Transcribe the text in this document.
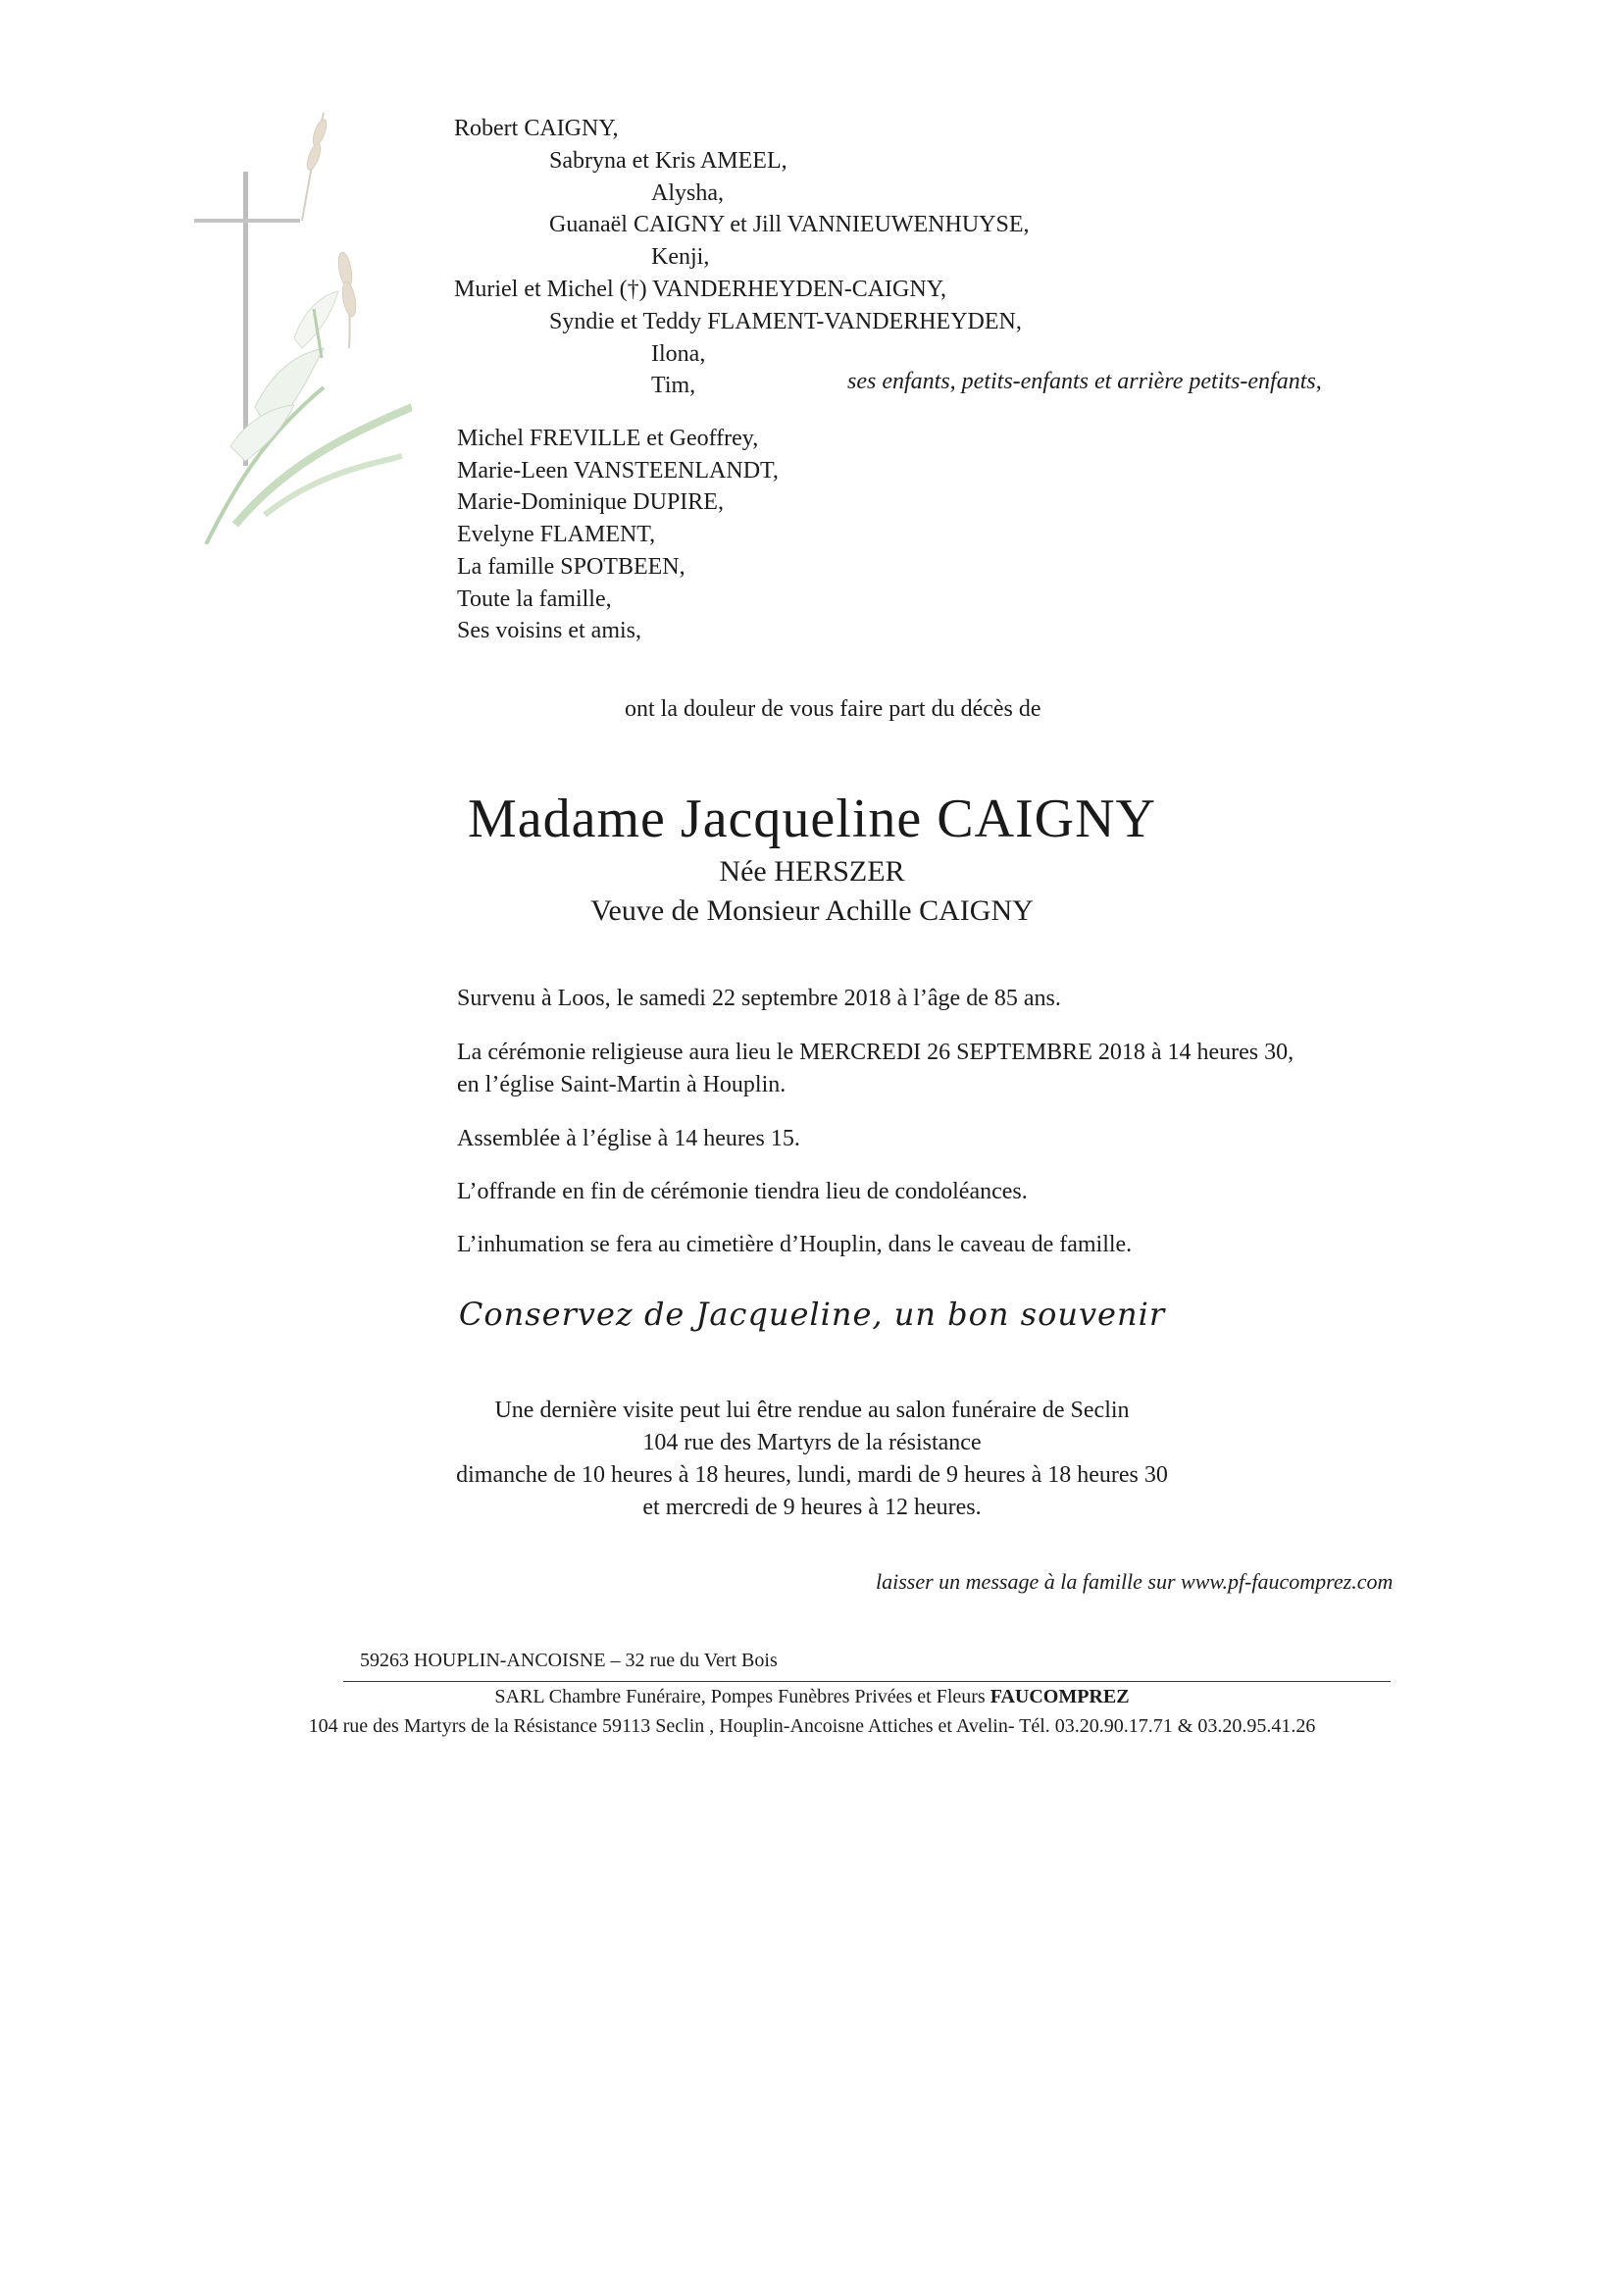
Robert CAIGNY,
Sabryna et Kris AMEEL,
Alysha,
Guanaël CAIGNY et Jill VANNIEUWENHUYSE,
Kenji,
Muriel et Michel (†) VANDERHEYDEN-CAIGNY,
Syndie et Teddy FLAMENT-VANDERHEYDEN,
Ilona,
Tim,	ses enfants, petits-enfants et arrière petits-enfants,
Michel FREVILLE et Geoffrey,
Marie-Leen VANSTEENLANDT,
Marie-Dominique DUPIRE,
Evelyne FLAMENT,
La famille SPOTBEEN,
Toute la famille,
Ses voisins et amis,
ont la douleur de vous faire part du décès de
Madame Jacqueline CAIGNY
Née HERSZER
Veuve de Monsieur Achille CAIGNY
Survenu à Loos, le samedi 22 septembre 2018 à l’âge de 85 ans.
La cérémonie religieuse aura lieu le MERCREDI 26 SEPTEMBRE 2018 à 14 heures 30,
en l’église Saint-Martin à Houplin.
Assemblée à l’église à 14 heures 15.
L’offrande en fin de cérémonie tiendra lieu de condoléances.
L’inhumation se fera au cimetière d’Houplin, dans le caveau de famille.
Conservez de Jacqueline, un bon souvenir
Une dernière visite peut lui être rendue au salon funéraire de Seclin
104 rue des Martyrs de la résistance
dimanche de 10 heures à 18 heures, lundi, mardi de 9 heures à 18 heures 30
et mercredi de 9 heures à 12 heures.
laisser un message à la famille sur www.pf-faucomprez.com
59263 HOUPLIN-ANCOISNE – 32 rue du Vert Bois
SARL Chambre Funéraire, Pompes Funèbres Privées et Fleurs FAUCOMPREZ
104 rue des Martyrs de la Résistance 59113 Seclin , Houplin-Ancoisne Attiches et Avelin- Tél. 03.20.90.17.71 & 03.20.95.41.26
